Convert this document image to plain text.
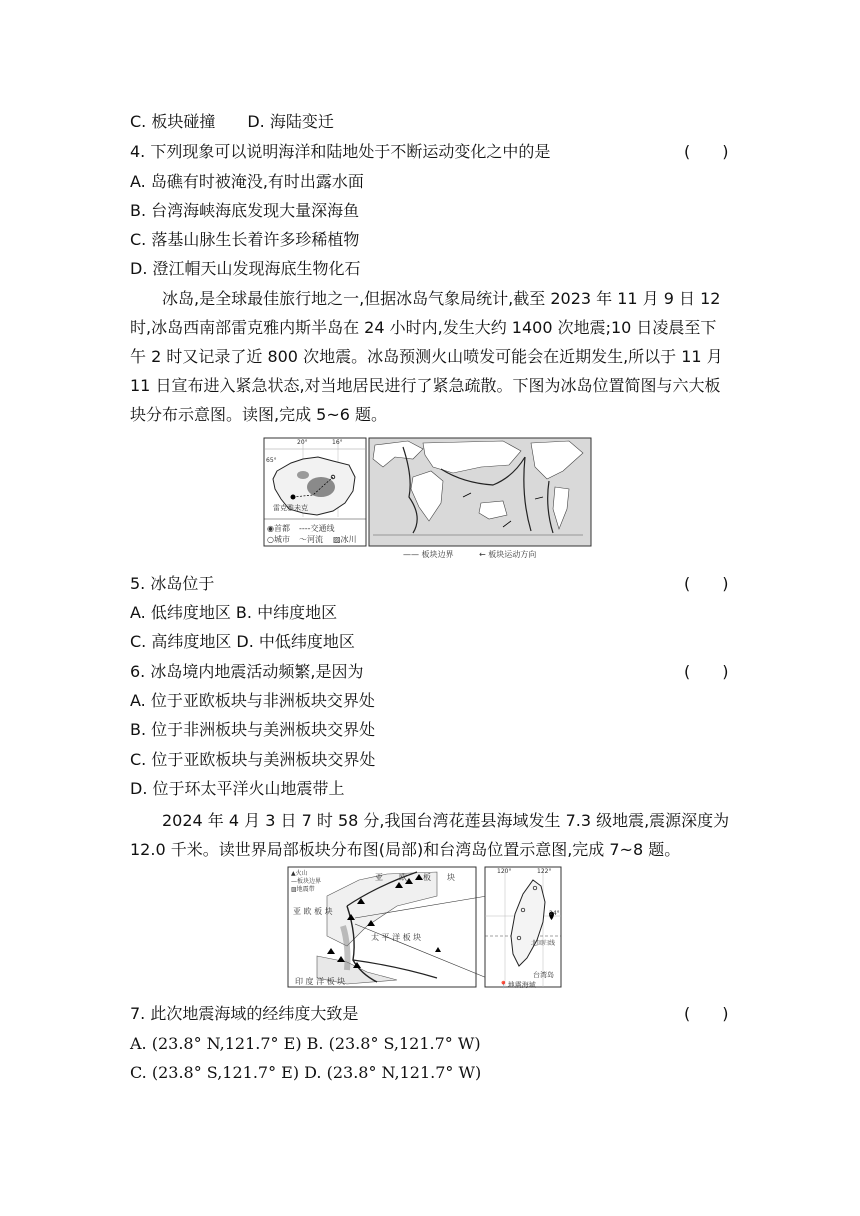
C. 板块碰撞　　D. 海陆变迁
4. 下列现象可以说明海洋和陆地处于不断运动变化之中的是	(　　)
A. 岛礁有时被淹没,有时出露水面
B. 台湾海峡海底发现大量深海鱼
C. 落基山脉生长着许多珍稀植物
D. 澄江帽天山发现海底生物化石
冰岛,是全球最佳旅行地之一,但据冰岛气象局统计,截至 2023 年 11 月 9 日 12 时,冰岛西南部雷克雅内斯半岛在 24 小时内,发生大约 1400 次地震;10 日凌晨至下午 2 时又记录了近 800 次地震。冰岛预测火山喷发可能会在近期发生,所以于 11 月 11 日宣布进入紧急状态,对当地居民进行了紧急疏散。下图为冰岛位置简图与六大板块分布示意图。读图,完成 5~6 题。
◉首都 ----交通线
○城市 〜河流 ▨冰川
雷克雅未克
20°	16°
65°
—— 板块边界	← 板块运动方向
5. 冰岛位于	(　　)
A. 低纬度地区 B. 中纬度地区
C. 高纬度地区 D. 中低纬度地区
6. 冰岛境内地震活动频繁,是因为	(　　)
A. 位于亚欧板块与非洲板块交界处
B. 位于非洲板块与美洲板块交界处
C. 位于亚欧板块与美洲板块交界处
D. 位于环太平洋火山地震带上
2024 年 4 月 3 日 7 时 58 分,我国台湾花莲县海域发生 7.3 级地震,震源深度为 12.0 千米。读世界局部板块分布图(局部)和台湾岛位置示意图,完成 7~8 题。
▲火山
—板块边界
▨地震带
亚 欧 板 块
亚 欧 板 块
太 平 洋 板 块
印 度 洋 板 块
120°	122°
24°
北回归线
台湾岛
📍地震海域
7. 此次地震海域的经纬度大致是	(　　)
A. (23.8° N,121.7° E) B. (23.8° S,121.7° W)
C. (23.8° S,121.7° E) D. (23.8° N,121.7° W)
